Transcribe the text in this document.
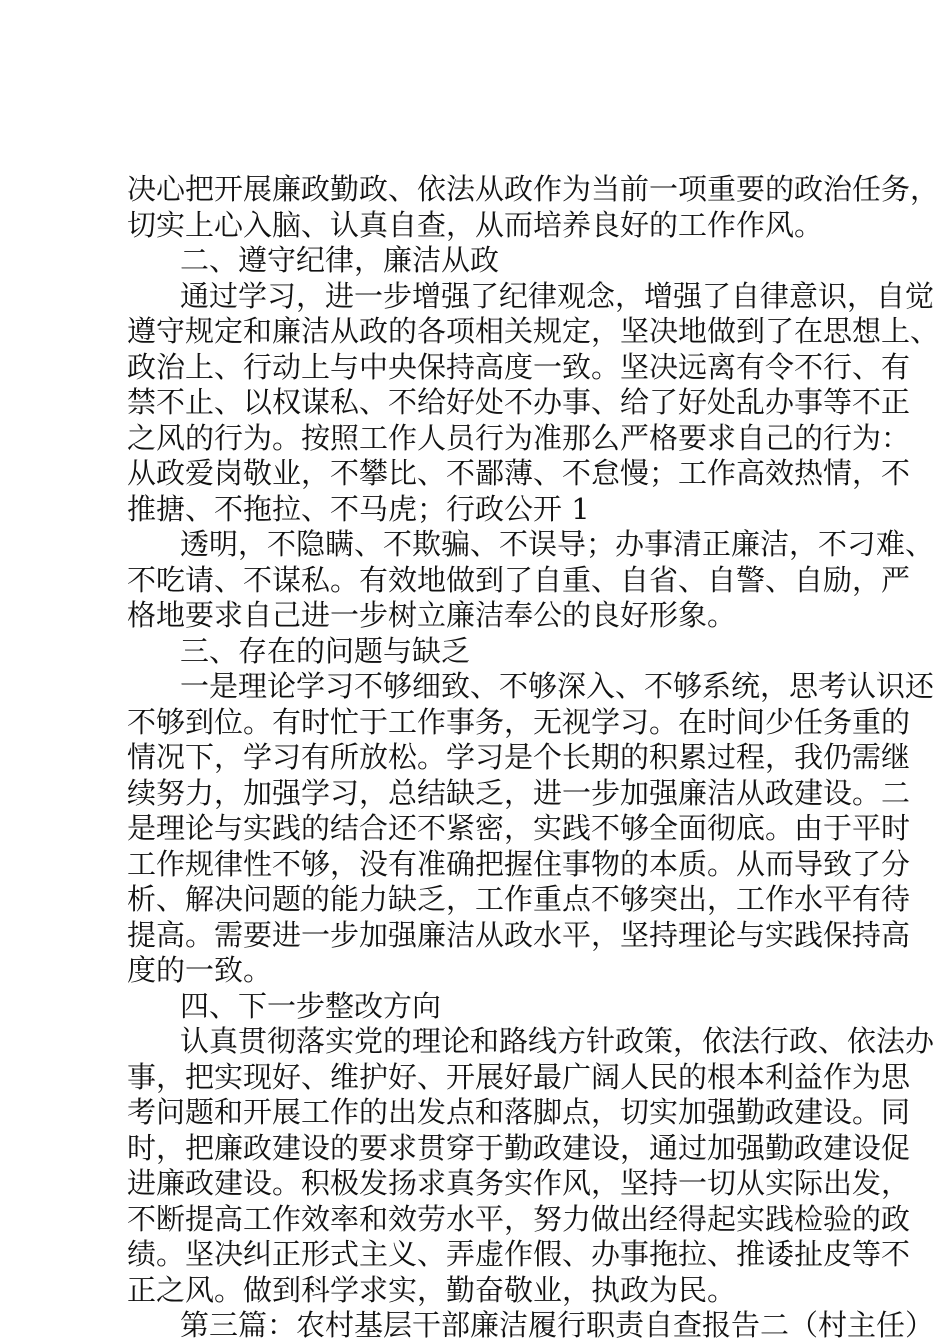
决心把开展廉政勤政、依法从政作为当前一项重要的政治任务，
切实上心入脑、认真自查，从而培养良好的工作作风。
二、遵守纪律，廉洁从政
通过学习，进一步增强了纪律观念，增强了自律意识，自觉
遵守规定和廉洁从政的各项相关规定，坚决地做到了在思想上、
政治上、行动上与中央保持高度一致。坚决远离有令不行、有
禁不止、以权谋私、不给好处不办事、给了好处乱办事等不正
之风的行为。按照工作人员行为准那么严格要求自己的行为：
从政爱岗敬业，不攀比、不鄙薄、不怠慢；工作高效热情，不
推搪、不拖拉、不马虎；行政公开 1
透明，不隐瞒、不欺骗、不误导；办事清正廉洁，不刁难、
不吃请、不谋私。有效地做到了自重、自省、自警、自励，严
格地要求自己进一步树立廉洁奉公的良好形象。
三、存在的问题与缺乏
一是理论学习不够细致、不够深入、不够系统，思考认识还
不够到位。有时忙于工作事务，无视学习。在时间少任务重的
情况下，学习有所放松。学习是个长期的积累过程，我仍需继
续努力，加强学习，总结缺乏，进一步加强廉洁从政建设。二
是理论与实践的结合还不紧密，实践不够全面彻底。由于平时
工作规律性不够，没有准确把握住事物的本质。从而导致了分
析、解决问题的能力缺乏，工作重点不够突出，工作水平有待
提高。需要进一步加强廉洁从政水平，坚持理论与实践保持高
度的一致。
四、下一步整改方向
认真贯彻落实党的理论和路线方针政策，依法行政、依法办
事，把实现好、维护好、开展好最广阔人民的根本利益作为思
考问题和开展工作的出发点和落脚点，切实加强勤政建设。同
时，把廉政建设的要求贯穿于勤政建设，通过加强勤政建设促
进廉政建设。积极发扬求真务实作风，坚持一切从实际出发，
不断提高工作效率和效劳水平，努力做出经得起实践检验的政
绩。坚决纠正形式主义、弄虚作假、办事拖拉、推诿扯皮等不
正之风。做到科学求实，勤奋敬业，执政为民。
第三篇：农村基层干部廉洁履行职责自查报告二（村主任）
